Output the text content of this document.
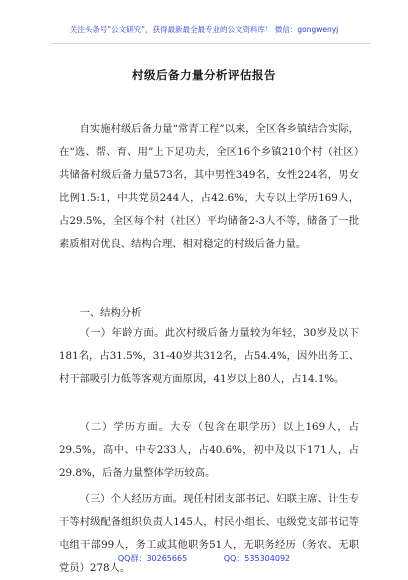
关注头条号“公文研究”，获得最新最全最专业的公文资料库！ 微信：gongwenyj
村级后备力量分析评估报告
自实施村级后备力量“常青工程”以来，全区各乡镇结合实际，在“选、帮、育、用”上下足功夫，全区16个乡镇210个村（社区）共储备村级后备力量573名，其中男性349名，女性224名，男女比例1.5:1，中共党员244人，占42.6%，大专以上学历169人，占29.5%，全区每个村（社区）平均储备2-3人不等，储备了一批素质相对优良、结构合理、相对稳定的村级后备力量。
一、结构分析
（一）年龄方面。此次村级后备力量较为年轻，30岁及以下181名，占31.5%，31-40岁共312名，占54.4%，因外出务工、村干部吸引力低等客观方面原因，41岁以上80人，占14.1%。
（二）学历方面。大专（包含在职学历）以上169人，占29.5%，高中、中专233人，占40.6%，初中及以下171人，占29.8%，后备力量整体学历较高。
（三）个人经历方面。现任村团支部书记、妇联主席、计生专干等村级配备组织负责人145人，村民小组长、屯级党支部书记等屯组干部99人，务工或其他职务51人，无职务经历（务农、无职党员）278人。
QQ群：30265665	QQ：535304092
